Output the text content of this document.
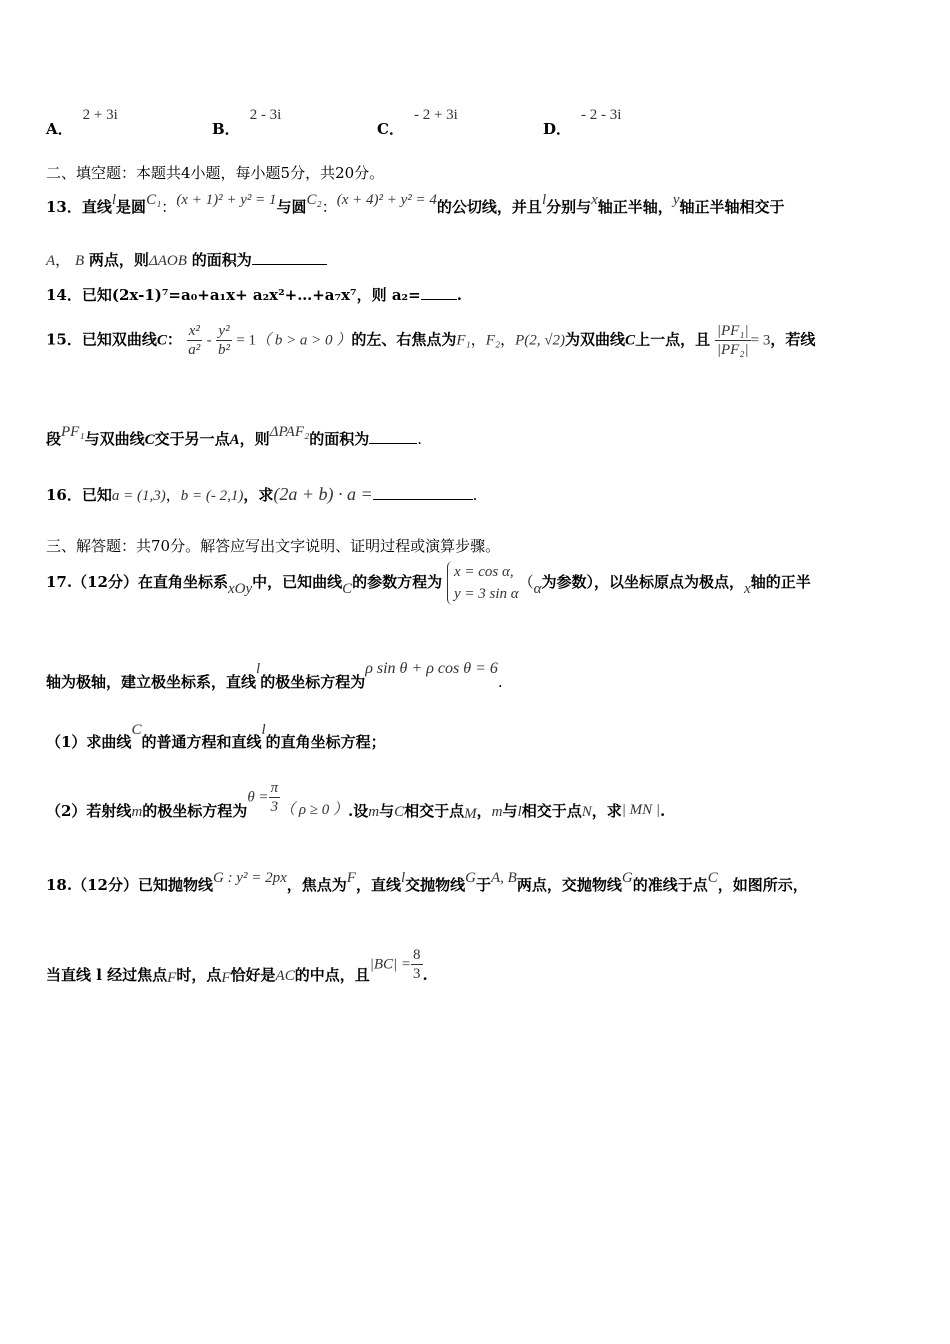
A．2 + 3i
B．2 - 3i
C．- 2 + 3i
D．- 2 - 3i
二、填空题：本题共4小题，每小题5分，共20分。
13．直线l是圆C₁：(x + 1)² + y² = 1与圆C₂：(x + 4)² + y² = 4的公切线，并且l分别与x轴正半轴，y轴正半轴相交于
A， B 两点，则ΔAOB 的面积为
14．已知(2x-1)⁷=a₀+a₁x+ a₂x²+…+a₇x⁷，则 a₂= .
15．已知双曲线C： $\frac{\text{x²}}{\text{a²}} - \frac{\text{y²}}{\text{b²}} = 1$（ b > a > 0 ）的左、右焦点为F₁，F₂，P(2, √2)为双曲线C上一点，且 $\frac{\text{|PF₁|}}{\text{|PF₂|}} = 3$，若线
段PF₁与双曲线C交于另一点A，则ΔPAF₂的面积为	.
16．已知a = (1,3)，b = (- 2,1)，求(2a + b) · a =	.
三、解答题：共70分。解答应写出文字说明、证明过程或演算步骤。
17.（12分）在直角坐标系xOy中，已知曲线C的参数方程为
x = cos α,
y = 3 sin α
（α为参数），以坐标原点为极点，x轴的正半
轴为极轴，建立极坐标系，直线l的极坐标方程为ρ sin θ + ρ cos θ = 6.
（1）求曲线C的普通方程和直线l的直角坐标方程；
（2）若射线m的极坐标方程为$\theta = \frac{\pi}{3}$ （ ρ ≥ 0 ）.设m与C相交于点M，m与l相交于点N，求| MN |.
18.（12分）已知抛物线G : y² = 2px，焦点为F，直线l交抛物线G于A, B两点，交抛物线G的准线于点C，如图所示，
当直线 l 经过焦点F时，点F恰好是AC的中点，且$|BC| = \frac{8}{3}$ .
